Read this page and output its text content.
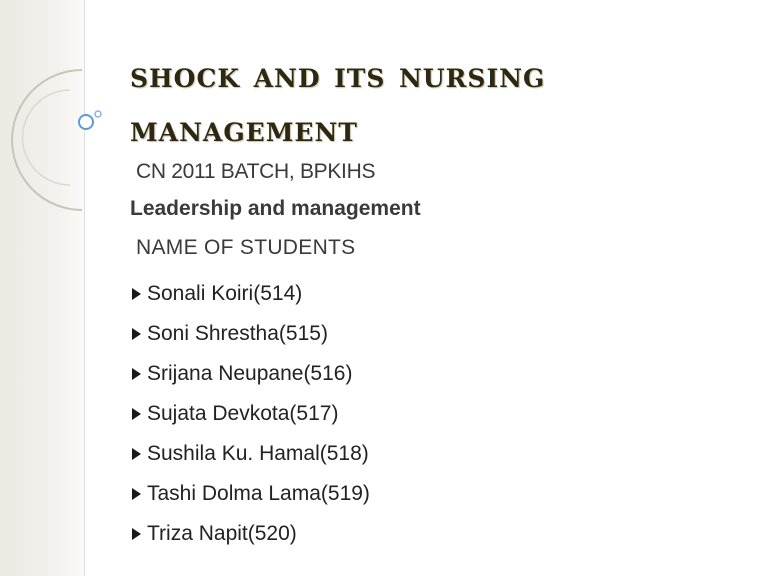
shock and its nursing management
CN 2011 BATCH, BPKIHS
Leadership and management
NAME OF STUDENTS
Sonali Koiri(514)
Soni Shrestha(515)
Srijana Neupane(516)
Sujata Devkota(517)
Sushila Ku. Hamal(518)
Tashi Dolma Lama(519)
Triza Napit(520)
